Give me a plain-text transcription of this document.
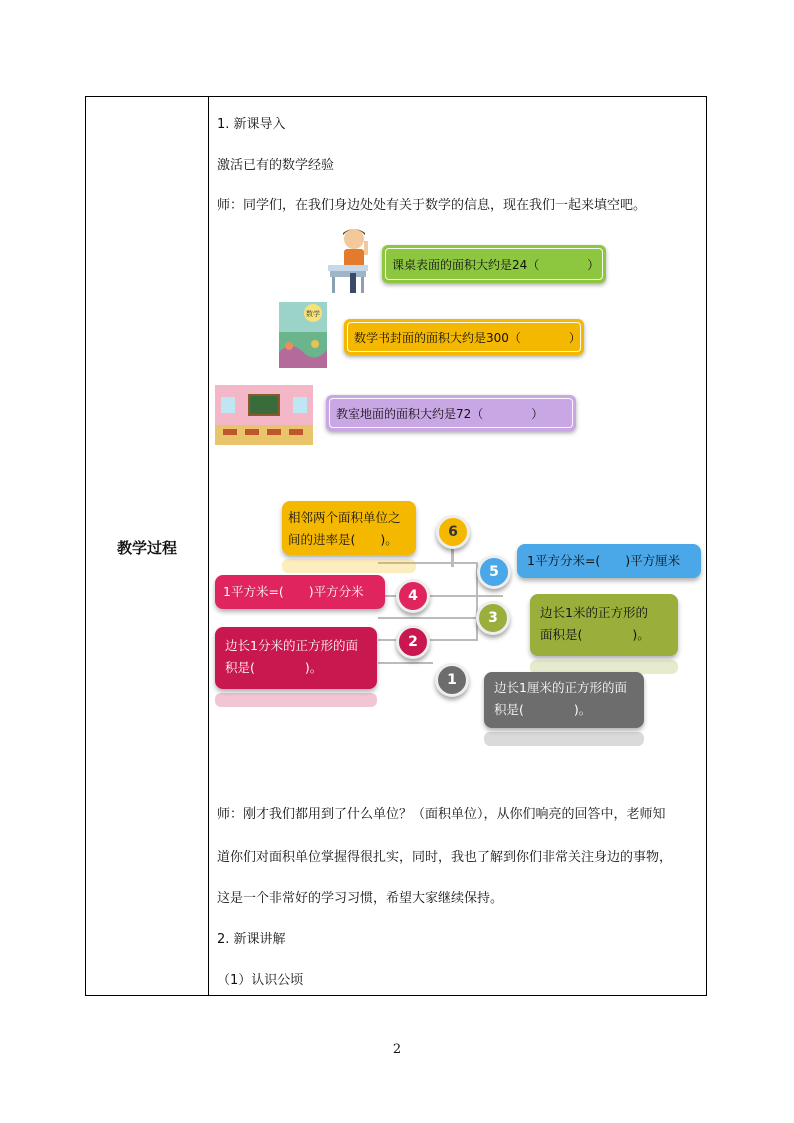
教学过程
1. 新课导入
激活已有的数学经验
师：同学们，在我们身边处处有关于数学的信息，现在我们一起来填空吧。
课桌表面的面积大约是24（　　　　）
数学
数学书封面的面积大约是300（　　　　）
教室地面的面积大约是72（　　　　）
相邻两个面积单位之
间的进率是(　　)。	6
1平方分米=(　　)平方厘米
5
1平方米=(　　)平方分米	4
3	边长1米的正方形的
面积是(　　　　)。
边长1分米的正方形的面
积是(　　　　)。
2
1	边长1厘米的正方形的面
积是(　　　　)。
师：刚才我们都用到了什么单位？（面积单位），从你们响亮的回答中，老师知
道你们对面积单位掌握得很扎实，同时，我也了解到你们非常关注身边的事物，
这是一个非常好的学习习惯，希望大家继续保持。
2. 新课讲解
（1）认识公顷
2
